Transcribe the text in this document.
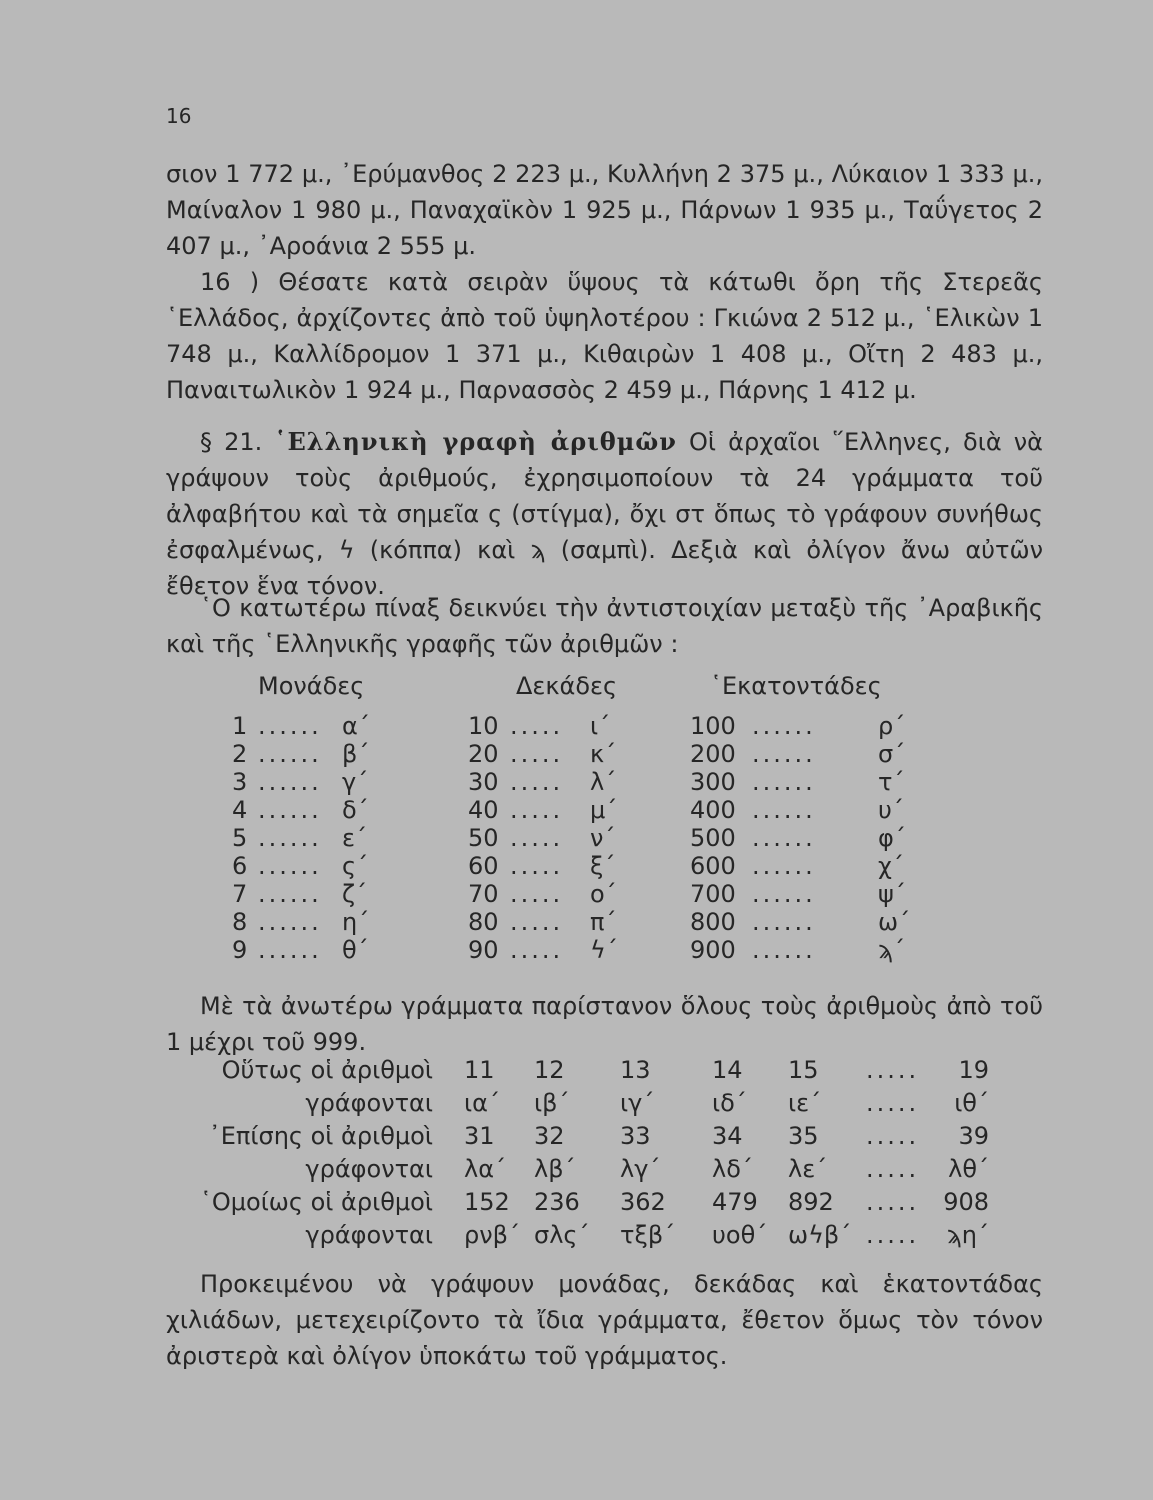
16
σιον 1 772 μ., ᾿Ερύμανθος 2 223 μ., Κυλλήνη 2 375 μ., Λύκαιον 1 333 μ., Μαίναλον 1 980 μ., Παναχαϊκὸν 1 925 μ., Πάρνων 1 935 μ., Ταΰγετος 2 407 μ., ᾿Αροάνια 2 555 μ.
16 ) Θέσατε κατὰ σειρὰν ὕψους τὰ κάτωθι ὄρη τῆς Στερεᾶς ῾Ελλάδος, ἀρχίζοντες ἀπὸ τοῦ ὑψηλοτέρου : Γκιώνα 2 512 μ., ῾Ελικὼν 1 748 μ., Καλλίδρομον 1 371 μ., Κιθαιρὼν 1 408 μ., Οἴτη 2 483 μ., Παναιτωλικὸν 1 924 μ., Παρνασσὸς 2 459 μ., Πάρνης 1 412 μ.
§ 21. ῾Ελληνικὴ γραφὴ ἀριθμῶν Οἱ ἀρχαῖοι ῞Ελληνες, διὰ νὰ γράψουν τοὺς ἀριθμούς, ἐχρησιμοποίουν τὰ 24 γράμματα τοῦ ἀλφαβήτου καὶ τὰ σημεῖα ς (στίγμα), ὄχι στ ὅπως τὸ γράφουν συνήθως ἐσφαλμένως, ϟ (κόππα) καὶ ϡ (σαμπὶ). Δεξιὰ καὶ ὀλίγον ἄνω αὐτῶν ἔθετον ἕνα τόνον.
῾Ο κατωτέρω πίναξ δεικνύει τὴν ἀντιστοιχίαν μεταξὺ τῆς ᾿Αραβικῆς καὶ τῆς ῾Ελληνικῆς γραφῆς τῶν ἀριθμῶν :
Μονάδες	Δεκάδες	῾Εκατοντάδες
1 ...... α΄	10 ..... ι΄	100 ......	ρ΄
2 ...... β΄	20 ..... κ΄	200 ......	σ΄
3 ...... γ΄	30 ..... λ΄	300 ......	τ΄
4 ...... δ΄	40 ..... μ΄	400 ......	υ΄
5 ...... ε΄	50 ..... ν΄	500 ......	φ΄
6 ...... ς΄	60 ..... ξ΄	600 ......	χ΄
7 ...... ζ΄	70 ..... ο΄	700 ......	ψ΄
8 ...... η΄	80 ..... π΄	800 ......	ω΄
9 ...... θ΄	90 ..... ϟ΄	900 ......	ϡ΄
Μὲ τὰ ἀνωτέρω γράμματα παρίστανον ὅλους τοὺς ἀριθμοὺς ἀπὸ τοῦ 1 μέχρι τοῦ 999.
Οὕτως οἱ ἀριθμοὶ 11 12 13	14 15 ..... 19
γράφονται ια΄ ιβ΄ ιγ΄ ιδ΄ ιε΄ ..... ιθ΄
᾿Επίσης οἱ ἀριθμοὶ 31 32 33	34 35 ..... 39
γράφονται λα΄ λβ΄ λγ΄ λδ΄ λε΄ ..... λθ΄
῾Ομοίως οἱ ἀριθμοὶ 152 236 362 479 892 ..... 908
γράφονται ρνβ΄ σλς΄ τξβ΄ υοθ΄ ωϟβ΄ ..... ϡη΄
Προκειμένου νὰ γράψουν μονάδας, δεκάδας καὶ ἑκατοντάδας χιλιάδων, μετεχειρίζοντο τὰ ἴδια γράμματα, ἔθετον ὅμως τὸν τόνον ἀριστερὰ καὶ ὀλίγον ὑποκάτω τοῦ γράμματος.
